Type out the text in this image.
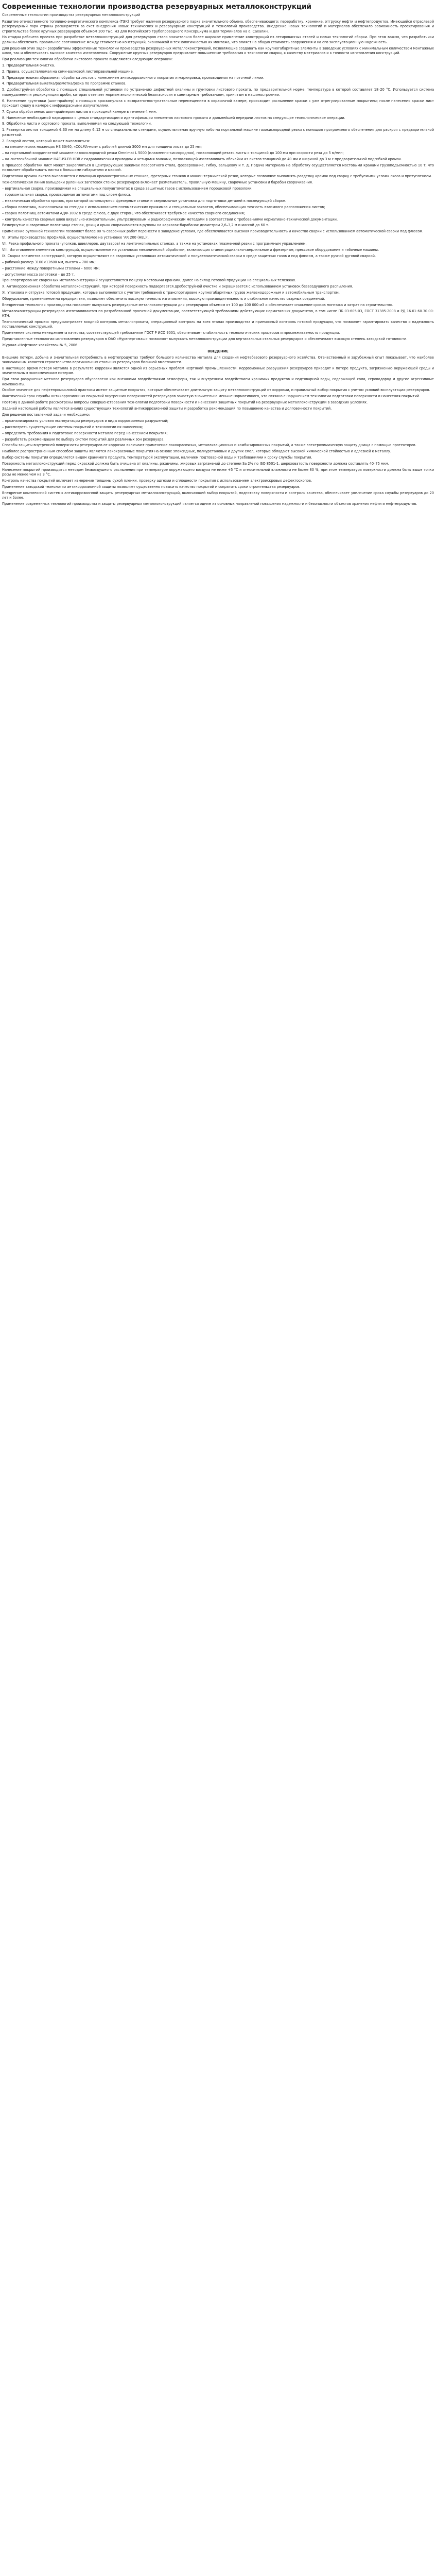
Современные технологии производства резервуарных металлоконструкций
Современные технологии производства резервуарных металлоконструкций
Развитие отечественного топливно-энергетического комплекса (ТЭК) требует наличия резервуарного парка значительного объема, обеспечивающего: переработку, хранение, отгрузку нефти и нефтепродуктов. Имеющийся отраслевой резервуарный парк страны расширяется за счет внедрения новых технических и резервуарных конструкций и технологий производства. Внедрение новых технологий и материалов обеспечило возможность проектирования и строительства более крупных резервуаров объемом 100 тыс. м3 для Каспийского Трубопроводного Консорциума и для терминалов на о. Сахалин.
На стадии рабочего проекта при разработке металлоконструкций для резервуаров стало значительно более широкое применение конструкций из легированных сталей и новых технологий сборки. При этом важно, что разработчики должны обеспечить правильное соотношение между стоимостью конструкций, экономикой и технологичностью их монтажа, что влияет на общую стоимость сооружения и на его эксплуатационную надежность.
Для решения этих задач разработаны эффективные технологии производства резервуарных металлоконструкций, позволяющие создавать как крупногабаритные элементы в заводских условиях с минимальным количеством монтажных швов, так и обеспечивать высокое качество изготовления. Сооружение крупных резервуаров предъявляет повышенные требования к технологии сварки, к качеству материалов и к точности изготовления конструкций.
При реализации технологии обработки листового проката выделяются следующие операции:
1. Предварительная очистка.
2. Правка, осуществляемая на семи-валковой листоправильной машине.
3. Предварительная абразивная обработка листов с нанесением антикоррозионного покрытия и маркировка, производимая на поточной линии.
4. Предварительная выкатка/разметка/резка по программе станков.
5. Дробеструйная обработка с помощью специальной установки по устранению дефектной окалины и грунтовки листового проката, по предварительной норме, температура в которой составляет 18–20 °С. Используется система пылеудаления и рециркуляции дроби, которая отвечает нормам экологической безопасности и санитарным требованиям, принятым в машиностроении.
6. Нанесение грунтовки (шоп-праймер) с помощью краскопульта с возвратно-поступательным перемещением в окрасочной камере, происходит распыление краски с уже отрегулированным покрытием; после нанесения краски лист проходит сушку в камере с инфракрасными излучателями.
7. Сушка обработанных шоп-праймером листов в проходной камере в течение 4 мин.
8. Нанесение необходимой маркировки с целью стандартизации и идентификации элементов листового проката и дальнейшей передачи листов на следующие технологические операции.
9. Обработка листа и сортового проката, выполняемая на следующей технологии.
1. Развертка листов толщиной 4–30 мм на длину 6–12 м со специальными стендами, осуществляемая вручную либо на портальной машине газокислородной резки с помощью программного обеспечения для раскроя с предварительной разметкой.
2. Раскрой листов, который может выполняться:
– на механических ножницах HS 30/40, «COLMA-ном» с рабочей длиной 3000 мм для толщины листа до 25 мм;
– на портальной координатной машине газокислородной резки Omnimat L 5000 (плазменно-кислородная), позволяющей резать листы с толщиной до 100 мм при скорости реза до 5 м/мин;
– на листогибочной машине HAEUSLER HDR с гидравлическим приводом и четырьмя валками, позволяющей изготавливать обечайки из листов толщиной до 40 мм и шириной до 3 м с предварительной подгибкой кромок.
В процессе обработки лист может закрепляться в центрирующих зажимах поворотного стола, фрезерование, гибку, вальцовку и т. д. Подача материала на обработку осуществляется мостовыми кранами грузоподъемностью 10 т, что позволяет обрабатывать листы с большими габаритами и массой.
Подготовка кромок листов выполняется с помощью кромкострогальных станков, фрезерных станков и машин термической резки, которые позволяют выполнять разделку кромок под сварку с требуемыми углами скоса и притуплением.
Технологическая линия вальцовки рулонных заготовок стенок резервуаров включает разматыватель, правильную машину, сварочные установки и барабан сворачивания.
– вертикальная сварка, производимая на специальных полуавтоматах в среде защитных газов с использованием порошковой проволоки;
– горизонтальная сварка, производимая автоматами под слоем флюса.
– механическая обработка кромок, при которой используются фрезерные станки и сверлильные установки для подготовки деталей к последующей сборке.
– сборка полотнищ, выполняемая на стендах с использованием пневматических прижимов и специальных захватов, обеспечивающих точность взаимного расположения листов;
– сварка полотнищ автоматами АДФ-1002 в среде флюса, с двух сторон, что обеспечивает требуемое качество сварного соединения;
– контроль качества сварных швов визуально-измерительным, ультразвуковым и радиографическим методами в соответствии с требованиями нормативно-технической документации.
Развернутые и сваренные полотнища стенок, днищ и крыш сворачиваются в рулоны на каркасах-барабанах диаметром 2,6–3,2 м и массой до 60 т.
Применение рулонной технологии позволяет более 80 % сварочных работ перенести в заводские условия, где обеспечивается высокая производительность и качество сварки с использованием автоматической сварки под флюсом.
VI. Этапы производства: профилей, осуществляемое на установке 'AR 200 (HEL)'.
VII. Резка профильного проката (уголков, швеллеров, двутавров) на ленточнопильных станках, а также на установках плазменной резки с программным управлением.
VIII. Изготовление элементов конструкций, осуществляемое на установках механической обработки, включающих станки радиально-сверлильные и фрезерные, прессовое оборудование и гибочные машины.
IX. Сварка элементов конструкций, которую осуществляют на сварочных установках автоматической и полуавтоматической сварки в среде защитных газов и под флюсом, а также ручной дуговой сваркой.
– рабочий размер 3100×12600 мм, высота – 700 мм;
– расстояние между поворотными столами – 6000 мм;
– допустимая масса заготовки – до 25 т.
Транспортирование сваренных металлоконструкций осуществляется по цеху мостовыми кранами, далее на склад готовой продукции на специальных тележках.
X. Антикоррозионная обработка металлоконструкций, при которой поверхность подвергается дробеструйной очистке и окрашивается с использованием установок безвоздушного распыления.
XI. Упаковка и отгрузка готовой продукции, которые выполняются с учетом требований к транспортировке крупногабаритных грузов железнодорожным и автомобильным транспортом.
Оборудование, применяемое на предприятии, позволяет обеспечить высокую точность изготовления, высокую производительность и стабильное качество сварных соединений.
Внедренная технология производства позволяет выпускать резервуарные металлоконструкции для резервуаров объемом от 100 до 100 000 м3 и обеспечивает снижение сроков монтажа и затрат на строительство.
Металлоконструкции резервуаров изготавливаются по разработанной проектной документации, соответствующей требованиям действующих нормативных документов, в том числе ПБ 03-605-03, ГОСТ 31385-2008 и РД 16.01-60.30.00-КТН.
Технологический процесс предусматривает входной контроль металлопроката, операционный контроль на всех этапах производства и приемочный контроль готовой продукции, что позволяет гарантировать качество и надежность поставляемых конструкций.
Применение системы менеджмента качества, соответствующей требованиям ГОСТ Р ИСО 9001, обеспечивает стабильность технологических процессов и прослеживаемость продукции.
Представленные технологии изготовления резервуаров в ОАО «Нурэнергомаш» позволяют выпускать металлоконструкции для вертикальных стальных резервуаров и обеспечивают высокую степень заводской готовности.
Журнал «Нефтяное хозяйство» № 5, 2006
ВВЕДЕНИЕ
Внешние потери, добыча и значительная потребность в нефтепродуктах требуют большого количества металла для создания нефтебазового резервуарного хозяйства. Отечественный и зарубежный опыт показывает, что наиболее экономичным является строительство вертикальных стальных резервуаров большой вместимости.
В настоящее время потеря металла в результате коррозии является одной из серьезных проблем нефтяной промышленности. Коррозионные разрушения резервуаров приводят к потере продукта, загрязнению окружающей среды и значительным экономическим потерям.
При этом разрушение металла резервуаров обусловлено как внешними воздействиями атмосферы, так и внутренним воздействием хранимых продуктов и подтоварной воды, содержащей соли, сероводород и другие агрессивные компоненты.
Особое значение для нефтепромысловой практики имеют защитные покрытия, которые обеспечивают длительную защиту металлоконструкций от коррозии, и правильный выбор покрытия с учетом условий эксплуатации резервуаров.
Фактический срок службы антикоррозионных покрытий внутренних поверхностей резервуаров зачастую значительно меньше нормативного, что связано с нарушением технологии подготовки поверхности и нанесения покрытий.
Поэтому в данной работе рассмотрены вопросы совершенствования технологии подготовки поверхности и нанесения защитных покрытий на резервуарные металлоконструкции в заводских условиях.
Задачей настоящей работы является анализ существующих технологий антикоррозионной защиты и разработка рекомендаций по повышению качества и долговечности покрытий.
Для решения поставленной задачи необходимо:
– проанализировать условия эксплуатации резервуаров и виды коррозионных разрушений;
– рассмотреть существующие системы покрытий и технологии их нанесения;
– определить требования к подготовке поверхности металла перед нанесением покрытия;
– разработать рекомендации по выбору систем покрытий для различных зон резервуара.
Способы защиты внутренней поверхности резервуаров от коррозии включают применение лакокрасочных, металлизационных и комбинированных покрытий, а также электрохимическую защиту днища с помощью протекторов.
Наиболее распространенным способом защиты являются лакокрасочные покрытия на основе эпоксидных, полиуретановых и других смол, которые обладают высокой химической стойкостью и адгезией к металлу.
Выбор системы покрытия определяется видом хранимого продукта, температурой эксплуатации, наличием подтоварной воды и требованиями к сроку службы покрытия.
Поверхность металлоконструкций перед окраской должна быть очищена от окалины, ржавчины, жировых загрязнений до степени Sa 2½ по ISO 8501-1, шероховатость поверхности должна составлять 40–75 мкм.
Нанесение покрытий производится методом безвоздушного распыления при температуре окружающего воздуха не ниже +5 °С и относительной влажности не более 80 %, при этом температура поверхности должна быть выше точки росы не менее чем на 3 °С.
Контроль качества покрытий включает измерение толщины сухой пленки, проверку адгезии и сплошности покрытия с использованием электроискровых дефектоскопов.
Применение заводской технологии антикоррозионной защиты позволяет существенно повысить качество покрытий и сократить сроки строительства резервуаров.
Внедрение комплексной системы антикоррозионной защиты резервуарных металлоконструкций, включающей выбор покрытий, подготовку поверхности и контроль качества, обеспечивает увеличение срока службы резервуаров до 20 лет и более.
Применение современных технологий производства и защиты резервуарных металлоконструкций является одним из основных направлений повышения надежности и безопасности объектов хранения нефти и нефтепродуктов.
